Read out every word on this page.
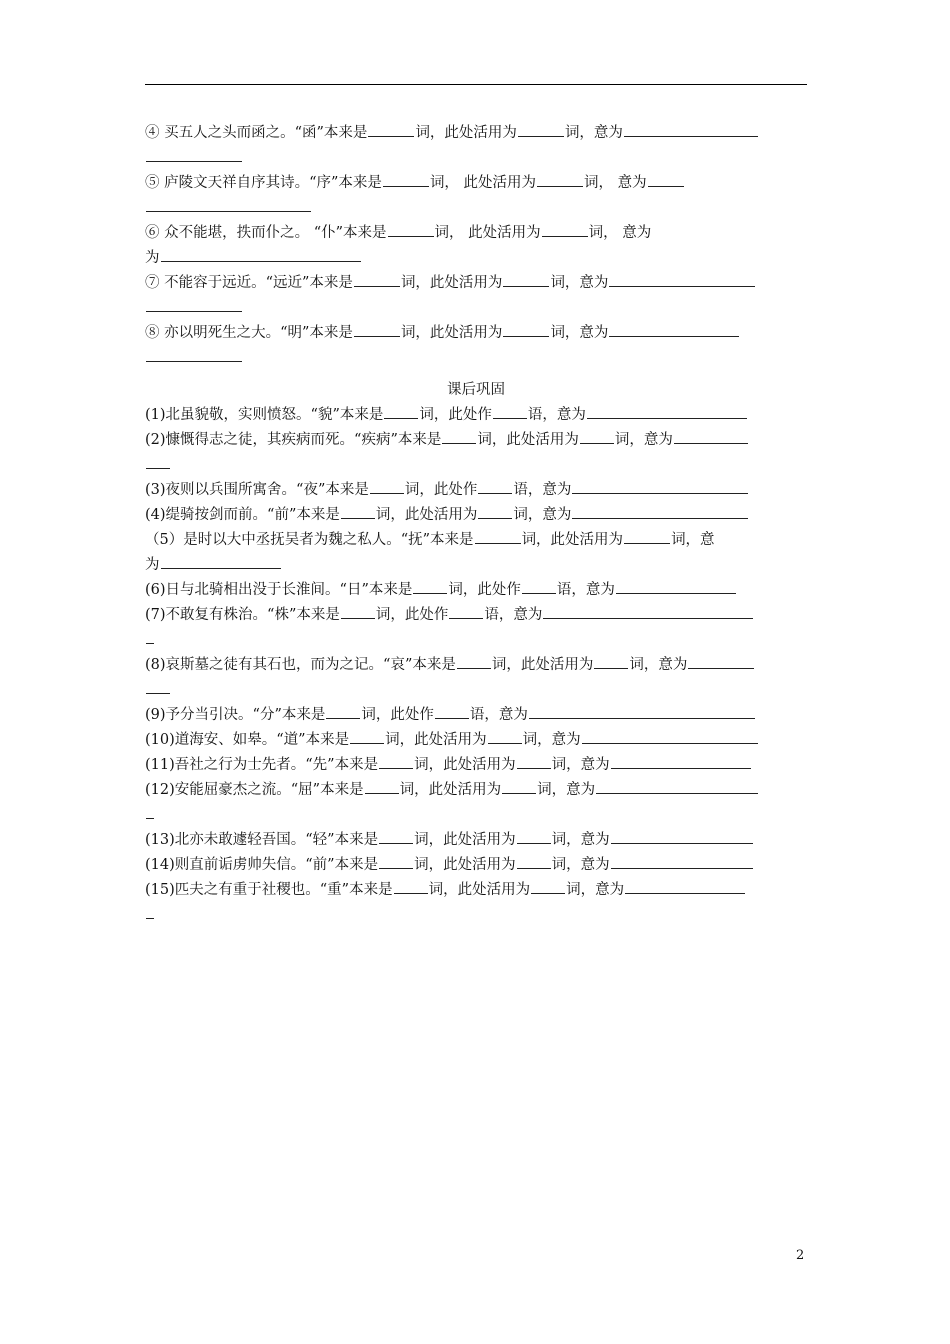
④ 买五人之头而函之。“函”本来是	词，此处活用为	词，意为
⑤ 庐陵文天祥自序其诗。“序”本来是	词， 此处活用为	词， 意为
⑥ 众不能堪，抶而仆之。 “仆”本来是	词， 此处活用为	词， 意为
为
⑦ 不能容于远近。“远近”本来是	词，此处活用为	词，意为
⑧ 亦以明死生之大。“明”本来是	词，此处活用为	词，意为
课后巩固
(1)北虽貌敬，实则愤怒。“貌”本来是 词，此处作 语，意为
(2)慷慨得志之徒，其疾病而死。“疾病”本来是 词，此处活用为 词，意为
(3)夜则以兵围所寓舍。“夜”本来是 词，此处作 语，意为
(4)缇骑按剑而前。“前”本来是 词，此处活用为 词，意为
（5）是时以大中丞抚吴者为魏之私人。“抚”本来是	词，此处活用为	词，意
为
(6)日与北骑相出没于长淮间。“日”本来是 词，此处作 语，意为
(7)不敢复有株治。“株”本来是 词，此处作 语，意为
(8)哀斯墓之徒有其石也，而为之记。“哀”本来是 词，此处活用为 词，意为
(9)予分当引决。“分”本来是 词，此处作 语，意为
(10)道海安、如皋。“道”本来是 词，此处活用为 词，意为
(11)吾社之行为士先者。“先”本来是 词，此处活用为 词，意为
(12)安能屈豪杰之流。“屈”本来是 词，此处活用为 词，意为
(13)北亦未敢遽轻吾国。“轻”本来是 词，此处活用为 词，意为
(14)则直前诟虏帅失信。“前”本来是 词，此处活用为 词，意为
(15)匹夫之有重于社稷也。“重”本来是 词，此处活用为 词，意为
2
